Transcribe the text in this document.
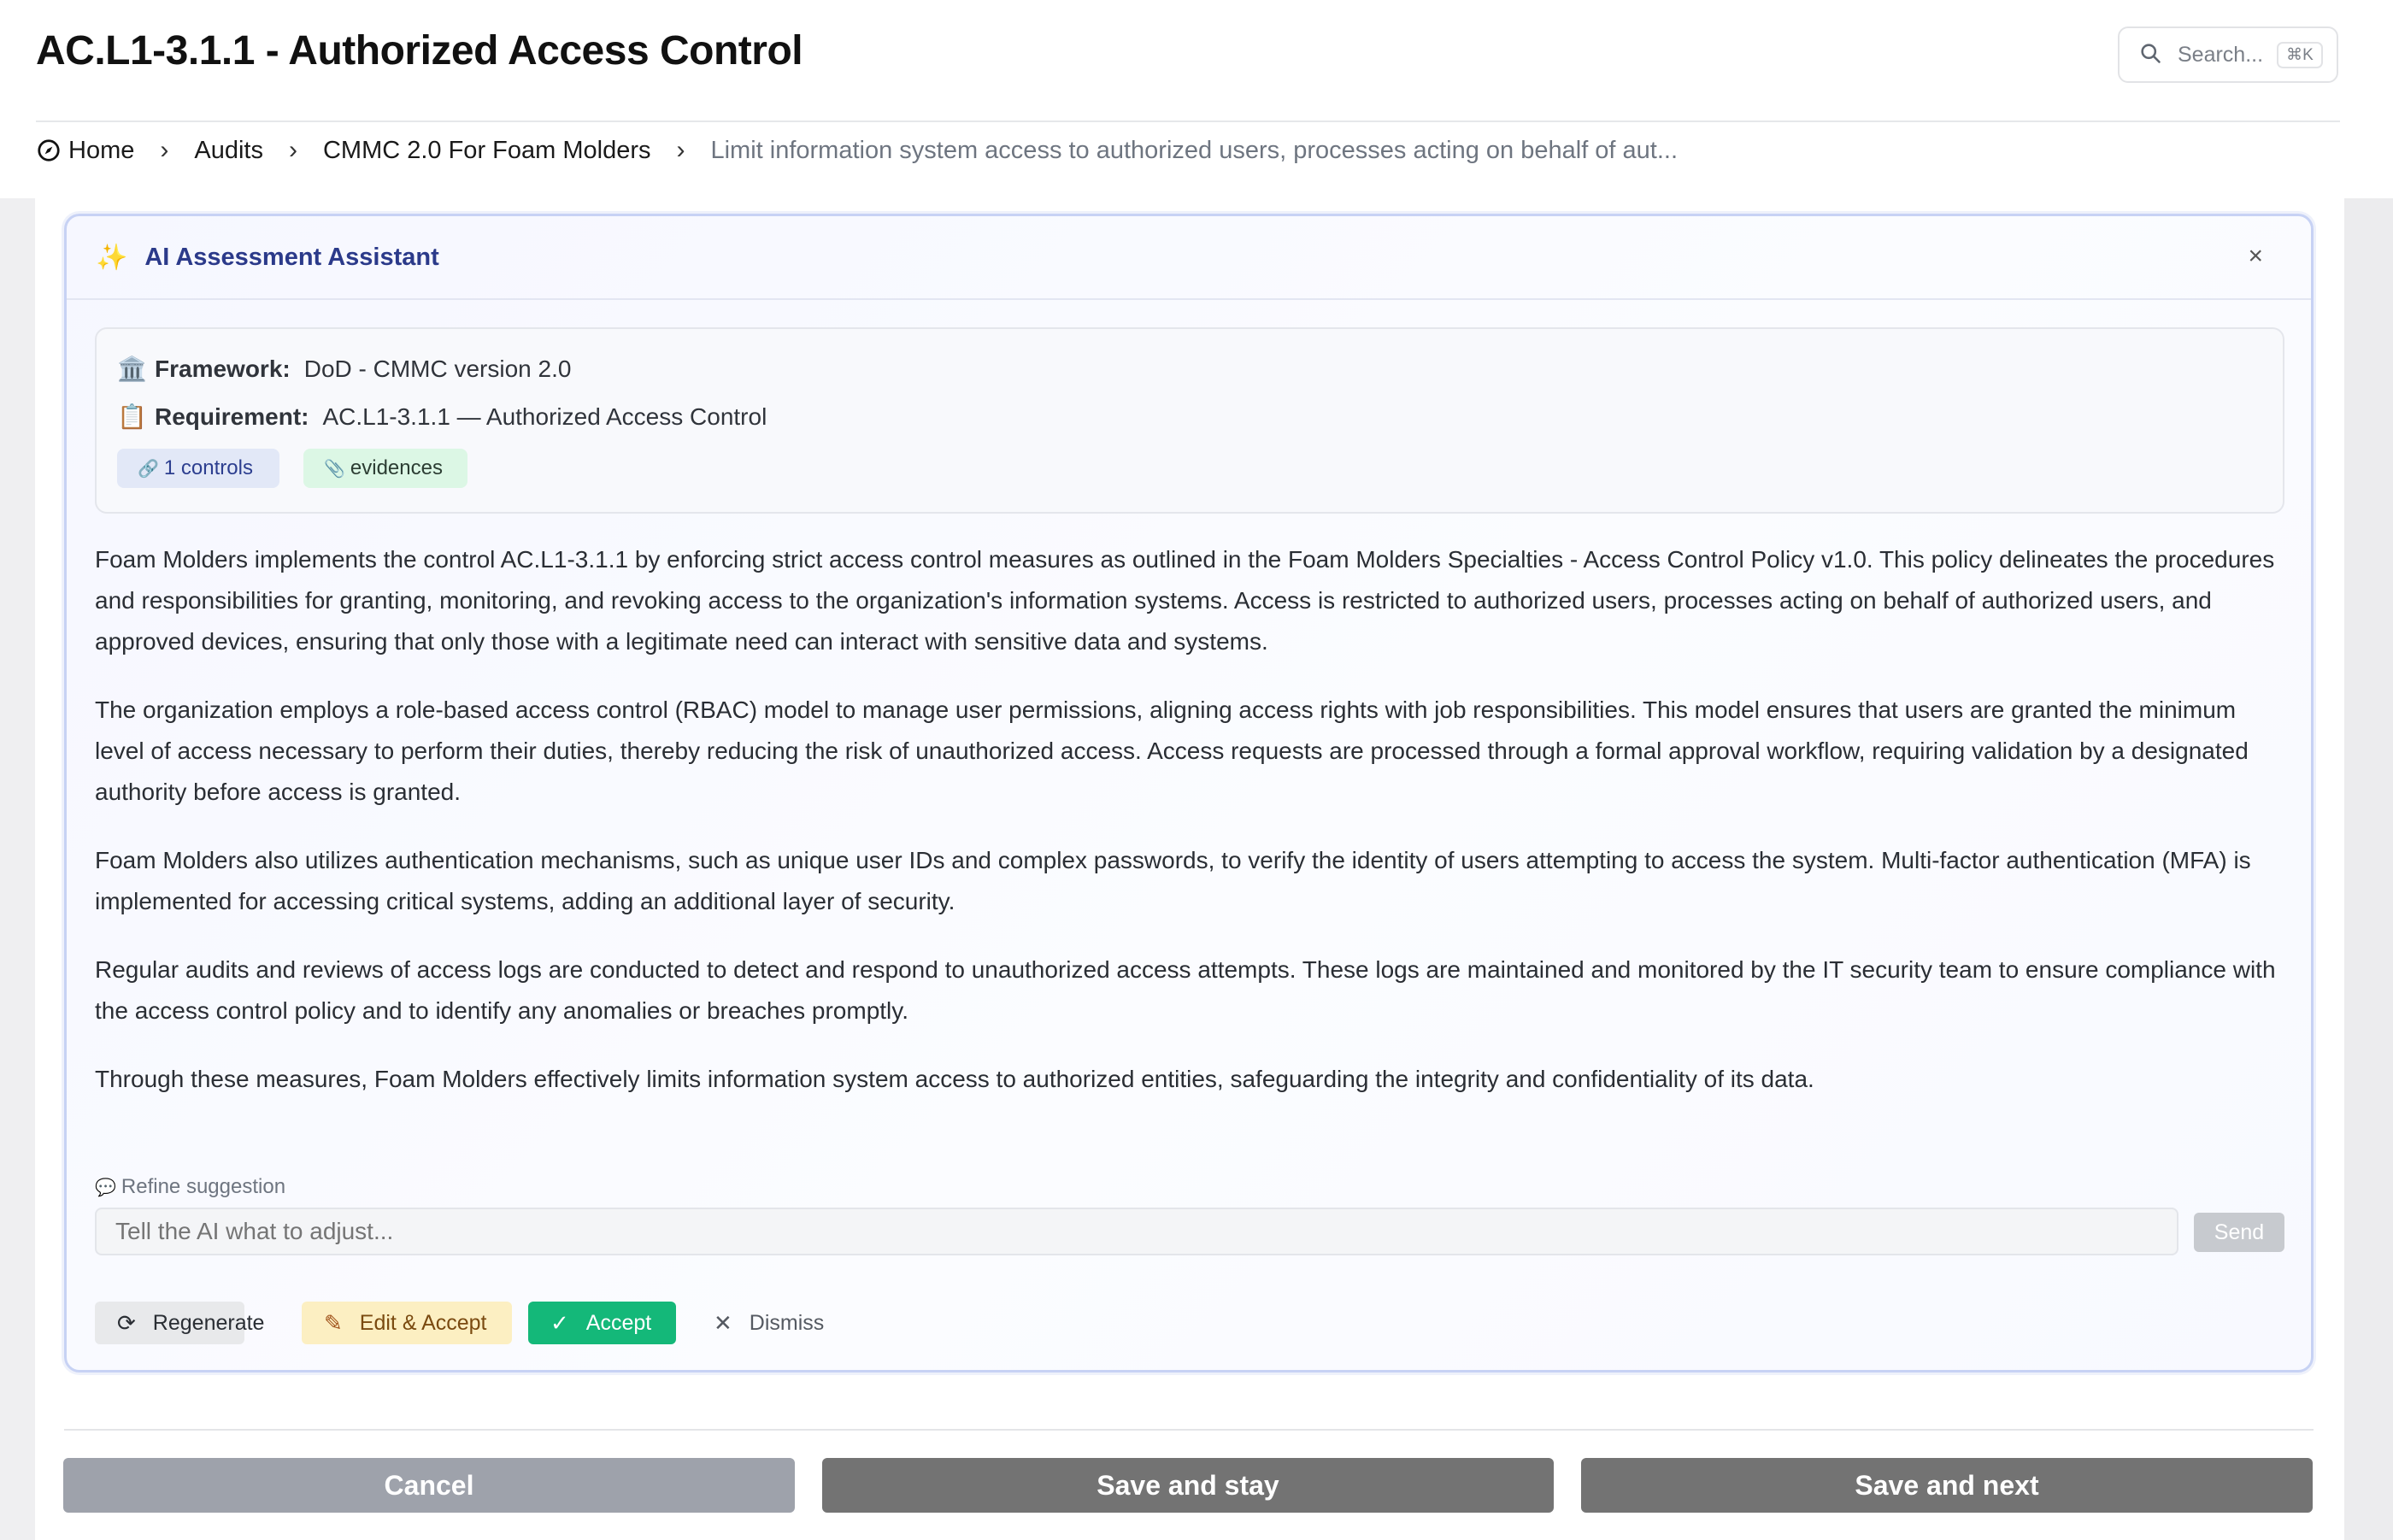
AC.L1-3.1.1 - Authorized Access Control	Search...	⌘K
Home › Audits › CMMC 2.0 For Foam Molders › Limit information system access to authorized users, processes acting on behalf of aut...
✨ AI Assessment Assistant	×
🏛️ Framework: DoD - CMMC version 2.0
📋 Requirement: AC.L1-3.1.1 — Authorized Access Control
🔗 1 controls	📎 evidences

Foam Molders implements the control AC.L1-3.1.1 by enforcing strict access control measures as outlined in the Foam Molders Specialties - Access Control Policy v1.0. This policy delineates the procedures and responsibilities for granting, monitoring, and revoking access to the organization's information systems. Access is restricted to authorized users, processes acting on behalf of authorized users, and approved devices, ensuring that only those with a legitimate need can interact with sensitive data and systems.

The organization employs a role-based access control (RBAC) model to manage user permissions, aligning access rights with job responsibilities. This model ensures that users are granted the minimum level of access necessary to perform their duties, thereby reducing the risk of unauthorized access. Access requests are processed through a formal approval workflow, requiring validation by a designated authority before access is granted.

Foam Molders also utilizes authentication mechanisms, such as unique user IDs and complex passwords, to verify the identity of users attempting to access the system. Multi-factor authentication (MFA) is implemented for accessing critical systems, adding an additional layer of security.

Regular audits and reviews of access logs are conducted to detect and respond to unauthorized access attempts. These logs are maintained and monitored by the IT security team to ensure compliance with the access control policy and to identify any anomalies or breaches promptly.

Through these measures, Foam Molders effectively limits information system access to authorized entities, safeguarding the integrity and confidentiality of its data.

💬 Refine suggestion
Tell the AI what to adjust...
Send
⟳ Regenerate	✎ Edit & Accept	✓ Accept	✕ Dismiss
Cancel	Save and stay	Save and next
